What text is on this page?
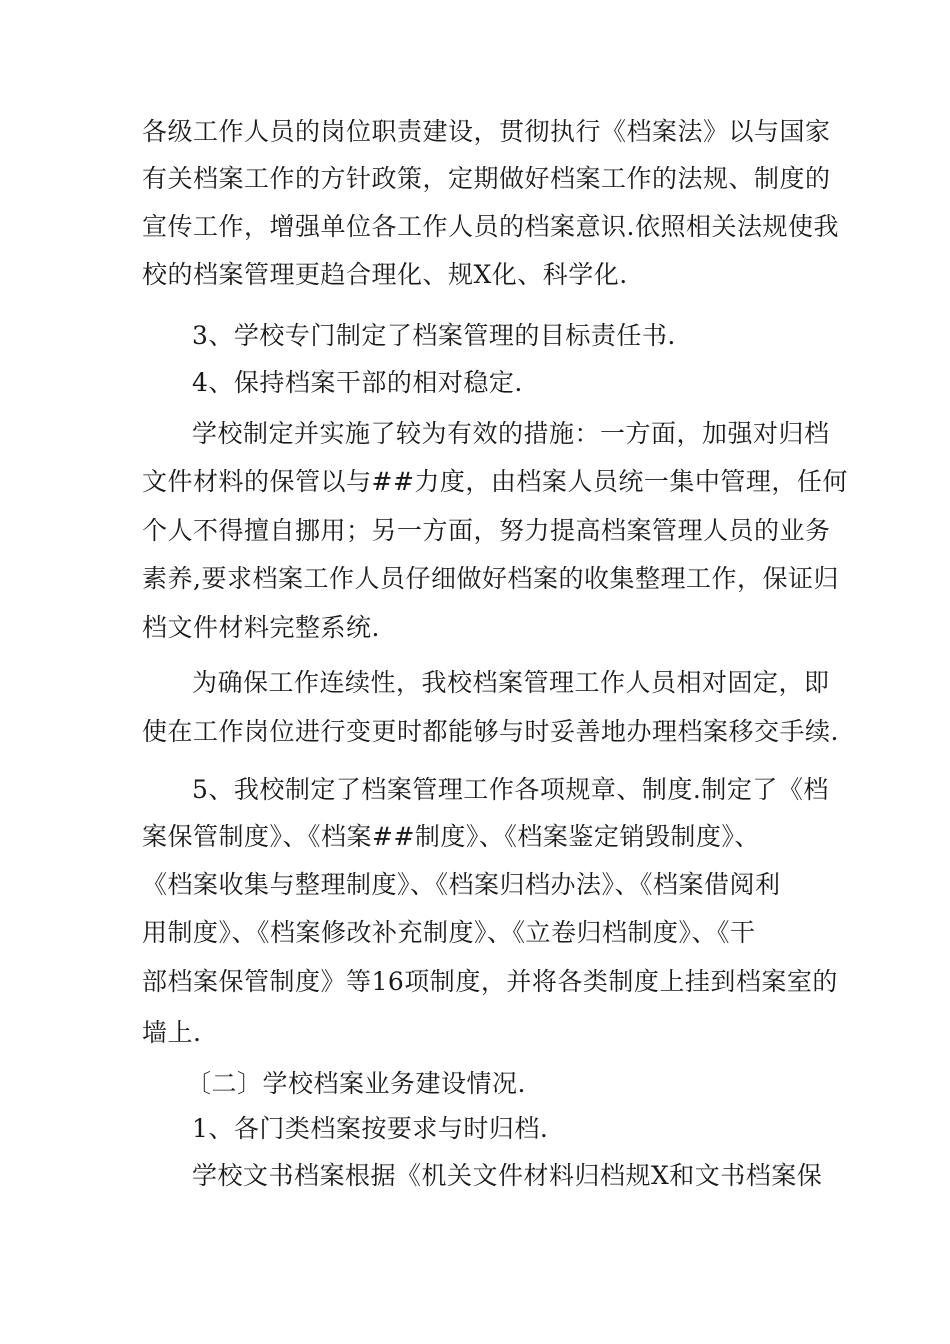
各级工作人员的岗位职责建设，贯彻执行《档案法》以与国家
有关档案工作的方针政策，定期做好档案工作的法规、制度的
宣传工作，增强单位各工作人员的档案意识.依照相关法规使我
校的档案管理更趋合理化、规X化、科学化.
3、学校专门制定了档案管理的目标责任书.
4、保持档案干部的相对稳定.
学校制定并实施了较为有效的措施：一方面，加强对归档
文件材料的保管以与##力度，由档案人员统一集中管理，任何
个人不得擅自挪用；另一方面，努力提高档案管理人员的业务
素养,要求档案工作人员仔细做好档案的收集整理工作，保证归
档文件材料完整系统.
为确保工作连续性，我校档案管理工作人员相对固定，即
使在工作岗位进行变更时都能够与时妥善地办理档案移交手续.
5、我校制定了档案管理工作各项规章、制度.制定了《档
案保管制度》、《档案##制度》、《档案鉴定销毁制度》、
《档案收集与整理制度》、《档案归档办法》、《档案借阅利
用制度》、《档案修改补充制度》、《立卷归档制度》、《干
部档案保管制度》等16项制度，并将各类制度上挂到档案室的
墙上.
〔二〕学校档案业务建设情况.
1、各门类档案按要求与时归档.
学校文书档案根据《机关文件材料归档规X和文书档案保
